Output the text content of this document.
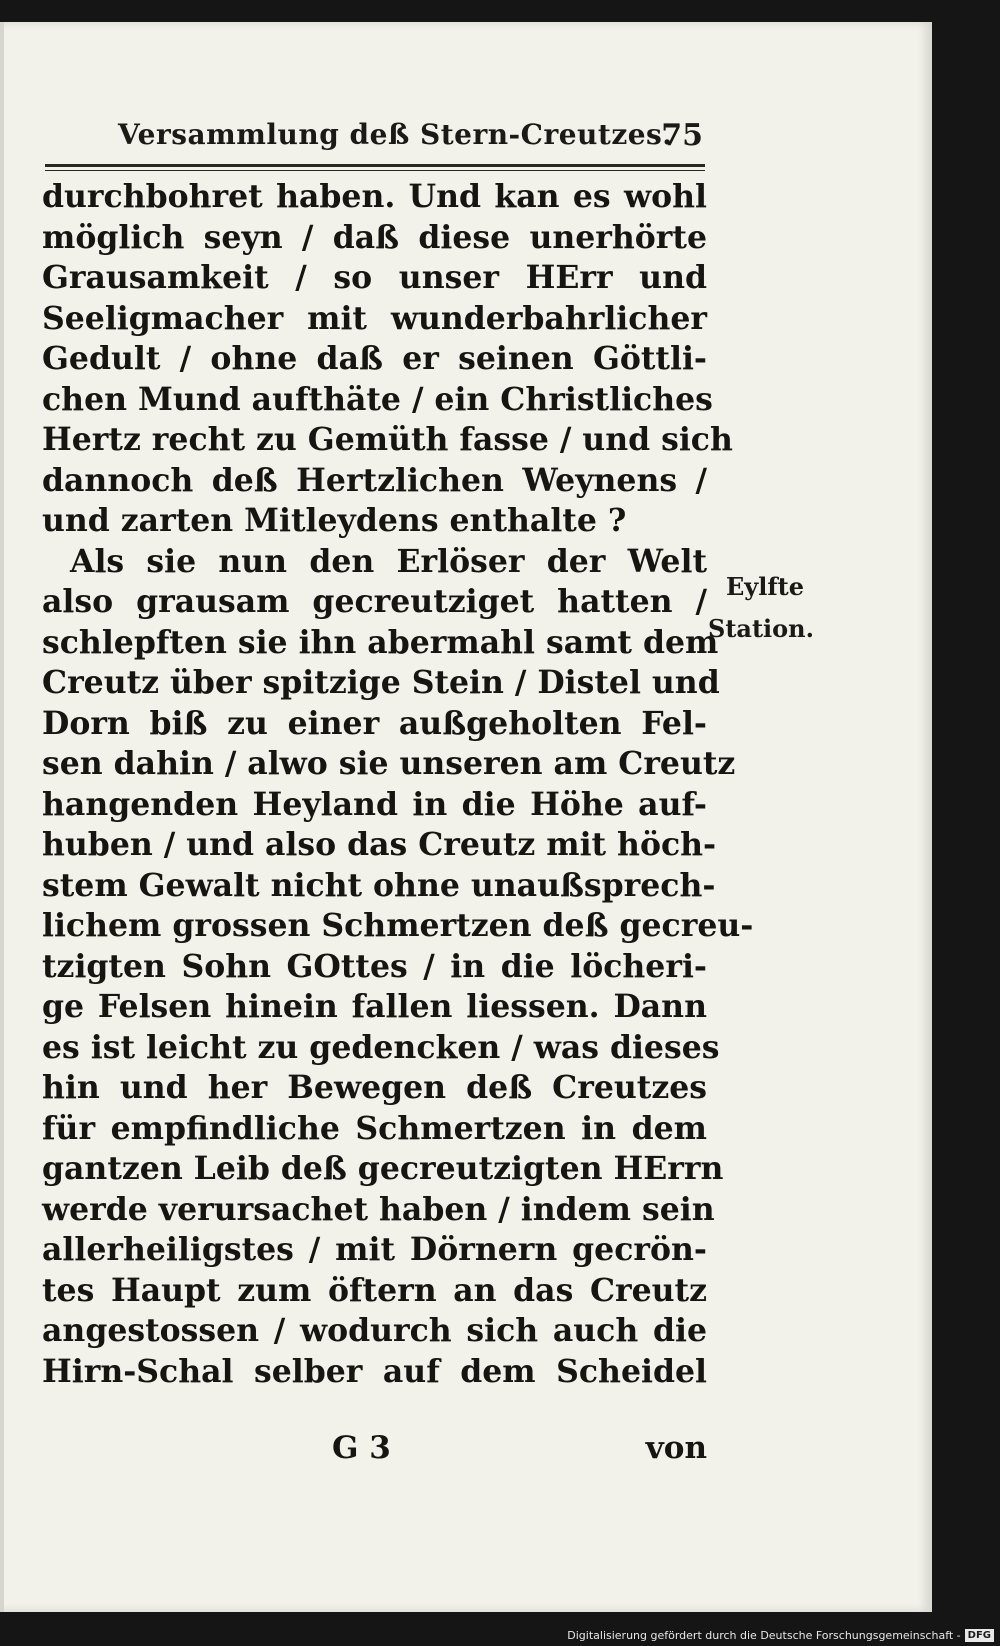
Versammlung deß Stern-Creutzes.
75
durchbohret haben. Und kan es wohl
möglich seyn / daß diese unerhörte
Grausamkeit / so unser HErr und
Seeligmacher mit wunderbahrlicher
Gedult / ohne daß er seinen Göttli-
chen Mund aufthäte / ein Christliches
Hertz recht zu Gemüth fasse / und sich
dannoch deß Hertzlichen Weynens /
und zarten Mitleydens enthalte ?
Als sie nun den Erlöser der Welt
also grausam gecreutziget hatten /
schlepften sie ihn abermahl samt dem
Creutz über spitzige Stein / Distel und
Dorn biß zu einer außgeholten Fel-
sen dahin / alwo sie unseren am Creutz
hangenden Heyland in die Höhe auf-
huben / und also das Creutz mit höch-
stem Gewalt nicht ohne unaußsprech-
lichem grossen Schmertzen deß gecreu-
tzigten Sohn GOttes / in die löcheri-
ge Felsen hinein fallen liessen. Dann
es ist leicht zu gedencken / was dieses
hin und her Bewegen deß Creutzes
für empfindliche Schmertzen in dem
gantzen Leib deß gecreutzigten HErrn
werde verursachet haben / indem sein
allerheiligstes / mit Dörnern gecrön-
tes Haupt zum öftern an das Creutz
angestossen / wodurch sich auch die
Hirn-Schal selber auf dem Scheidel
Eylfte
Station.
G 3	von
Digitalisierung gefördert durch die Deutsche Forschungsgemeinschaft - DFG
